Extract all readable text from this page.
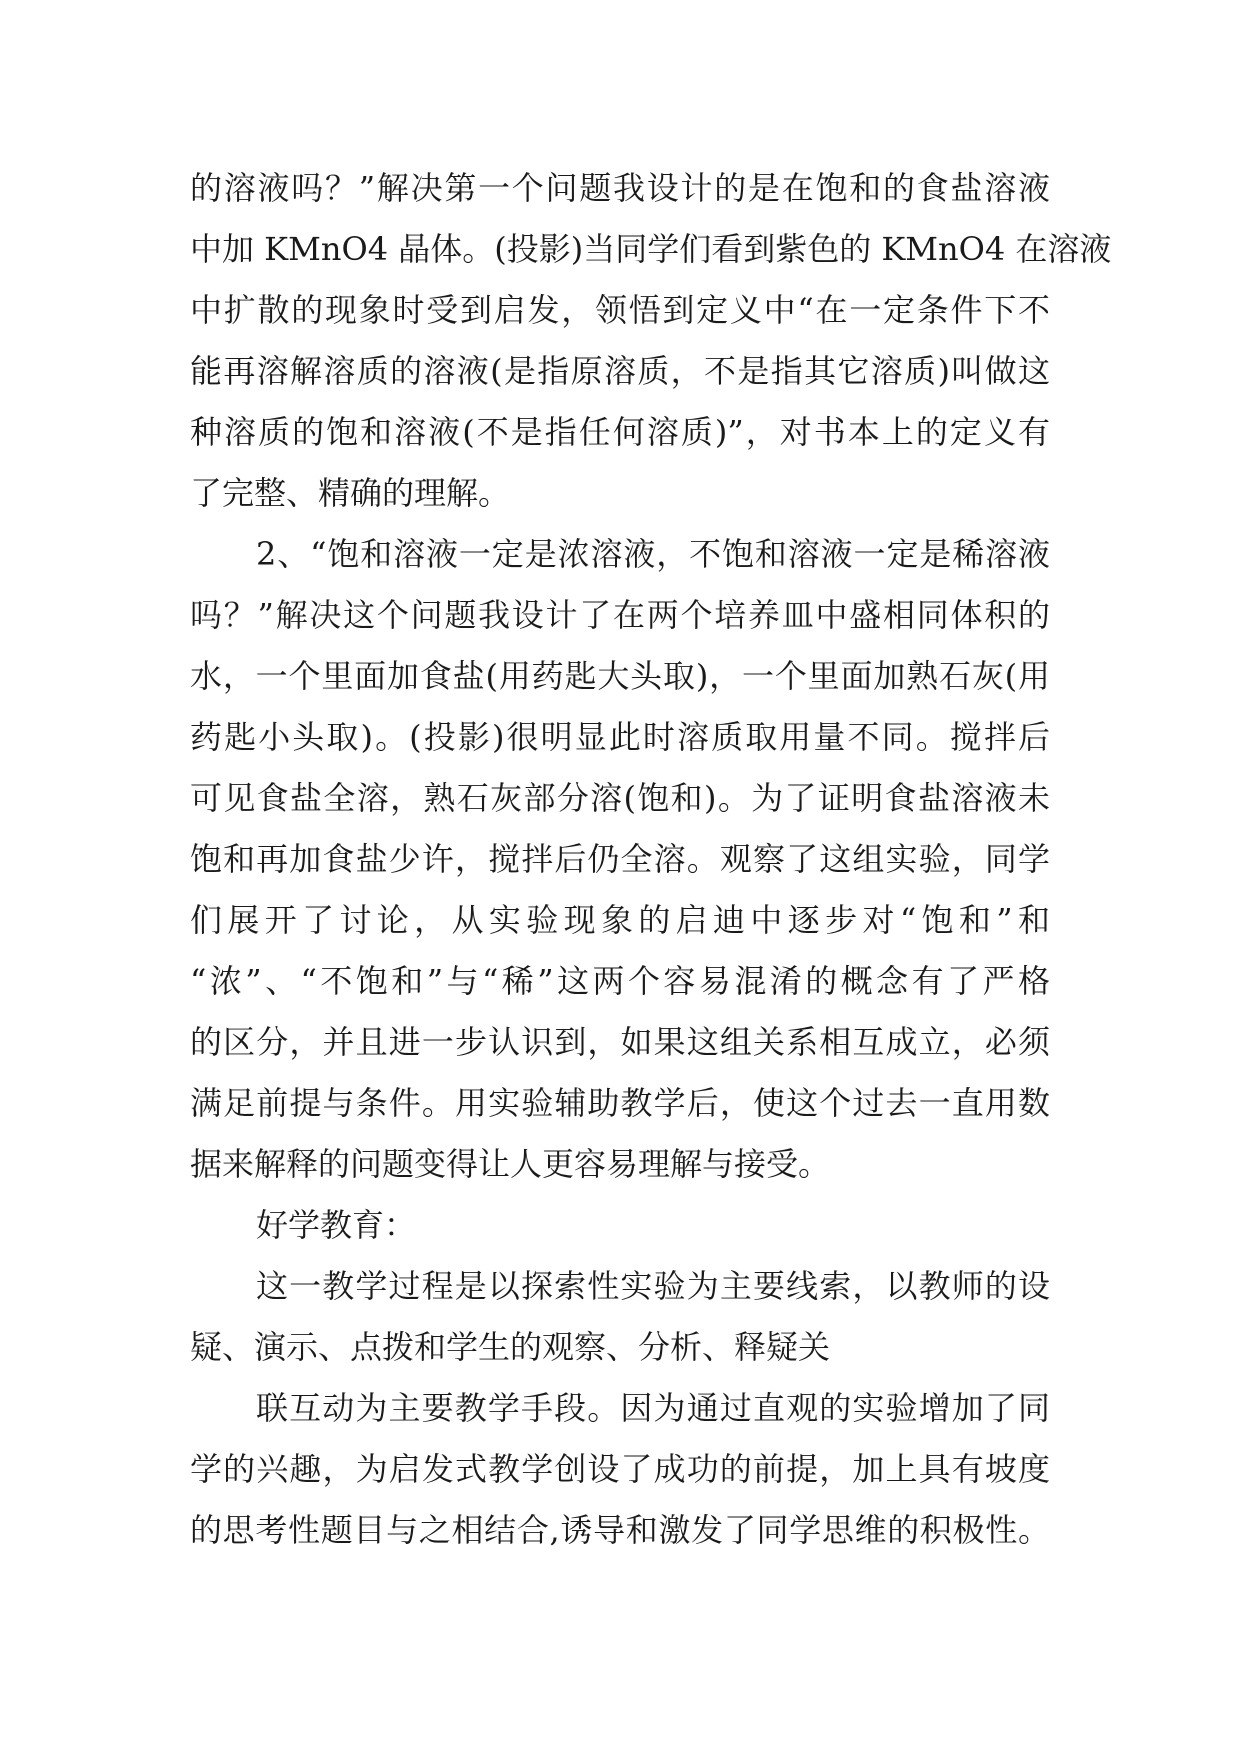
的溶液吗？”解决第一个问题我设计的是在饱和的食盐溶液
中加 KMnO4 晶体。(投影)当同学们看到紫色的 KMnO4 在溶液
中扩散的现象时受到启发，领悟到定义中“在一定条件下不
能再溶解溶质的溶液(是指原溶质，不是指其它溶质)叫做这
种溶质的饱和溶液(不是指任何溶质)”，对书本上的定义有
了完整、精确的理解。
2、“饱和溶液一定是浓溶液，不饱和溶液一定是稀溶液
吗？”解决这个问题我设计了在两个培养皿中盛相同体积的
水，一个里面加食盐(用药匙大头取)，一个里面加熟石灰(用
药匙小头取)。(投影)很明显此时溶质取用量不同。搅拌后
可见食盐全溶，熟石灰部分溶(饱和)。为了证明食盐溶液未
饱和再加食盐少许，搅拌后仍全溶。观察了这组实验，同学
们展开了讨论，从实验现象的启迪中逐步对“饱和”和
“浓”、“不饱和”与“稀”这两个容易混淆的概念有了严格
的区分，并且进一步认识到，如果这组关系相互成立，必须
满足前提与条件。用实验辅助教学后，使这个过去一直用数
据来解释的问题变得让人更容易理解与接受。
好学教育：
这一教学过程是以探索性实验为主要线索，以教师的设
疑、演示、点拨和学生的观察、分析、释疑关
联互动为主要教学手段。因为通过直观的实验增加了同
学的兴趣，为启发式教学创设了成功的前提，加上具有坡度
的思考性题目与之相结合,诱导和激发了同学思维的积极性。
